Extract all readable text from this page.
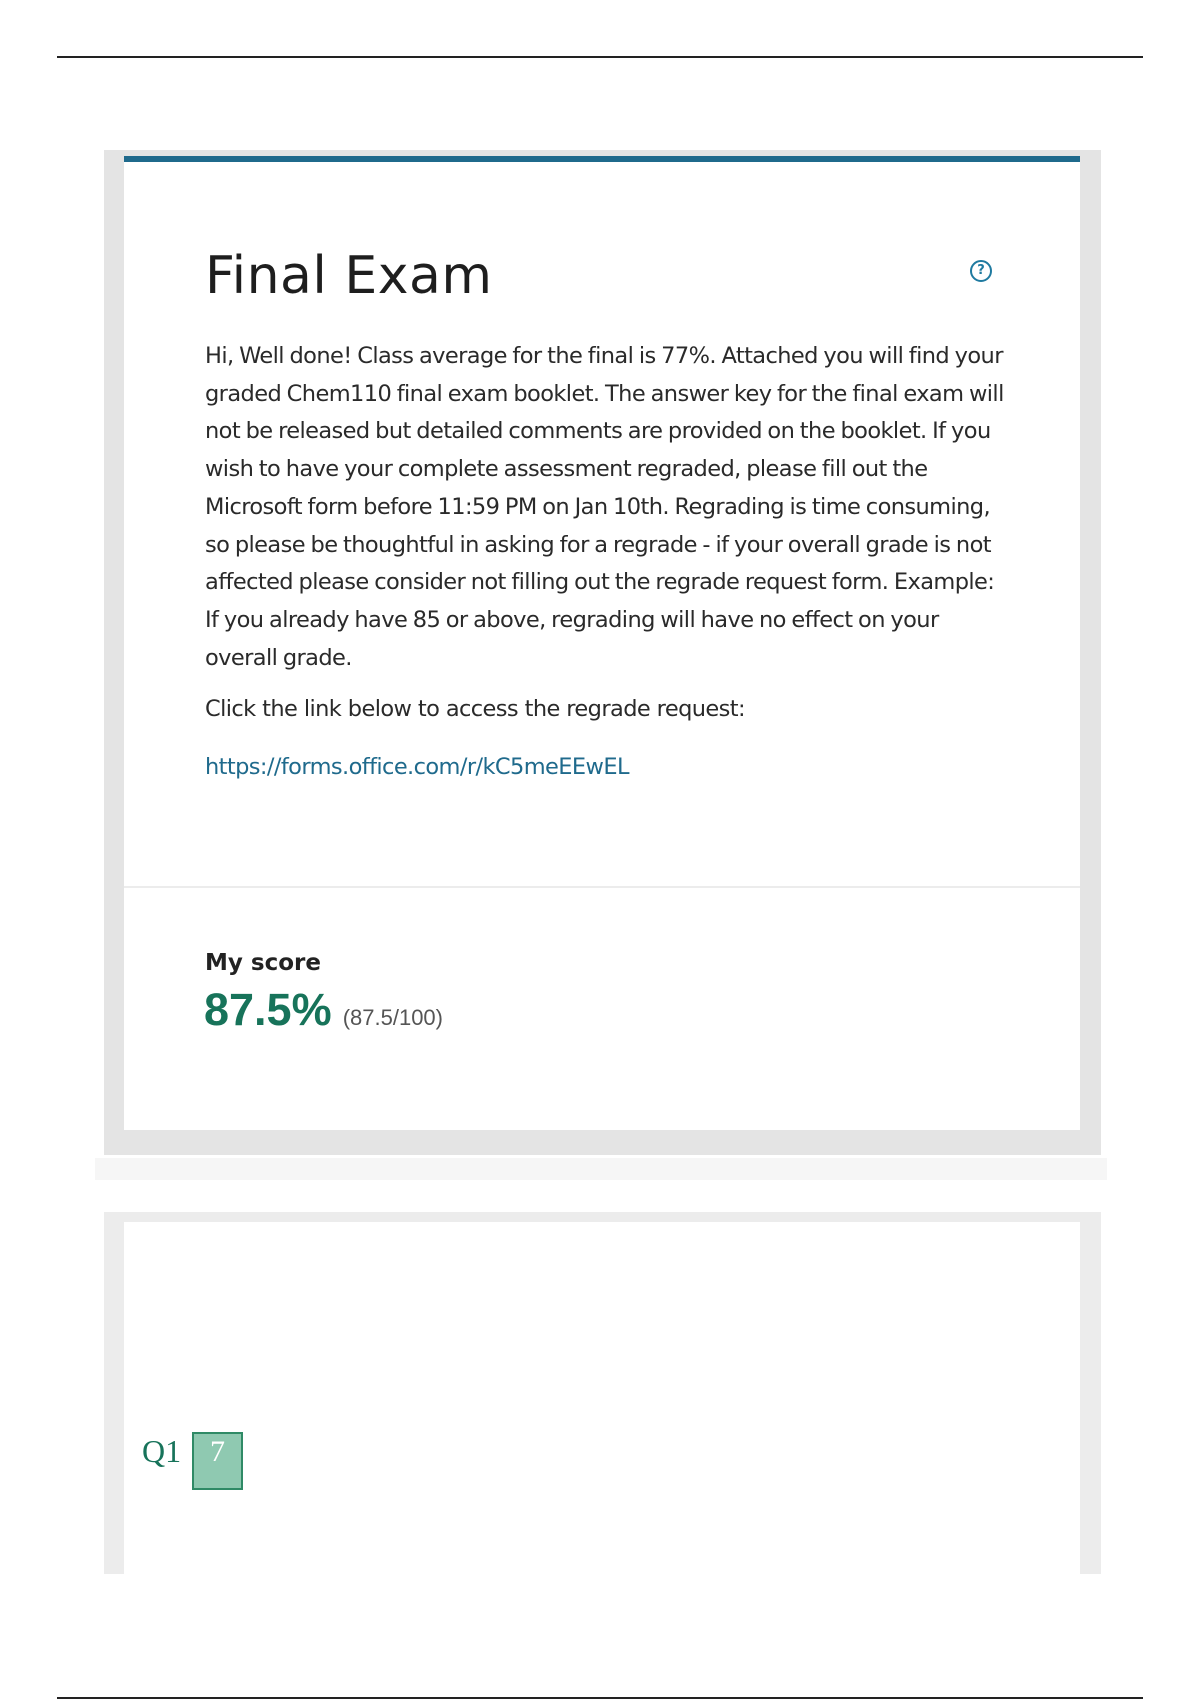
Final Exam	?

Hi, Well done! Class average for the final is 77%. Attached you will find your graded Chem110 final exam booklet. The answer key for the final exam will not be released but detailed comments are provided on the booklet. If you wish to have your complete assessment regraded, please fill out the Microsoft form before 11:59 PM on Jan 10th. Regrading is time consuming, so please be thoughtful in asking for a regrade - if your overall grade is not affected please consider not filling out the regrade request form. Example: If you already have 85 or above, regrading will have no effect on your overall grade.

Click the link below to access the regrade request:

https://forms.office.com/r/kC5meEEwEL

My score

87.5% (87.5/100)

Q1 7
